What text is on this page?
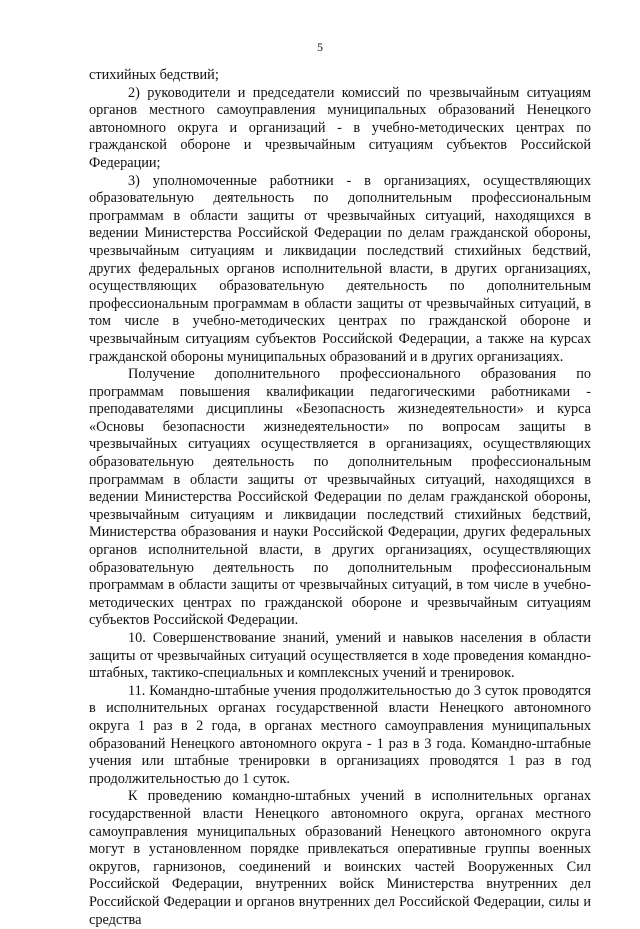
5

стихийных бедствий;

2) руководители и председатели комиссий по чрезвычайным ситуациям органов местного самоуправления муниципальных образований Ненецкого автономного округа и организаций - в учебно-методических центрах по гражданской обороне и чрезвычайным ситуациям субъектов Российской Федерации;

3) уполномоченные работники - в организациях, осуществляющих образовательную деятельность по дополнительным профессиональным программам в области защиты от чрезвычайных ситуаций, находящихся в ведении Министерства Российской Федерации по делам гражданской обороны, чрезвычайным ситуациям и ликвидации последствий стихийных бедствий, других федеральных органов исполнительной власти, в других организациях, осуществляющих образовательную деятельность по дополнительным профессиональным программам в области защиты от чрезвычайных ситуаций, в том числе в учебно-методических центрах по гражданской обороне и чрезвычайным ситуациям субъектов Российской Федерации, а также на курсах гражданской обороны муниципальных образований и в других организациях.

Получение дополнительного профессионального образования по программам повышения квалификации педагогическими работниками - преподавателями дисциплины «Безопасность жизнедеятельности» и курса «Основы безопасности жизнедеятельности» по вопросам защиты в чрезвычайных ситуациях осуществляется в организациях, осуществляющих образовательную деятельность по дополнительным профессиональным программам в области защиты от чрезвычайных ситуаций, находящихся в ведении Министерства Российской Федерации по делам гражданской обороны, чрезвычайным ситуациям и ликвидации последствий стихийных бедствий, Министерства образования и науки Российской Федерации, других федеральных органов исполнительной власти, в других организациях, осуществляющих образовательную деятельность по дополнительным профессиональным программам в области защиты от чрезвычайных ситуаций, в том числе в учебно-методических центрах по гражданской обороне и чрезвычайным ситуациям субъектов Российской Федерации.

10. Совершенствование знаний, умений и навыков населения в области защиты от чрезвычайных ситуаций осуществляется в ходе проведения командно-штабных, тактико-специальных и комплексных учений и тренировок.

11. Командно-штабные учения продолжительностью до 3 суток проводятся в исполнительных органах государственной власти Ненецкого автономного округа 1 раз в 2 года, в органах местного самоуправления муниципальных образований Ненецкого автономного округа - 1 раз в 3 года. Командно-штабные учения или штабные тренировки в организациях проводятся 1 раз в год продолжительностью до 1 суток.

К проведению командно-штабных учений в исполнительных органах государственной власти Ненецкого автономного округа, органах местного самоуправления муниципальных образований Ненецкого автономного округа могут в установленном порядке привлекаться оперативные группы военных округов, гарнизонов, соединений и воинских частей Вооруженных Сил Российской Федерации, внутренних войск Министерства внутренних дел Российской Федерации и органов внутренних дел Российской Федерации, силы и средства
